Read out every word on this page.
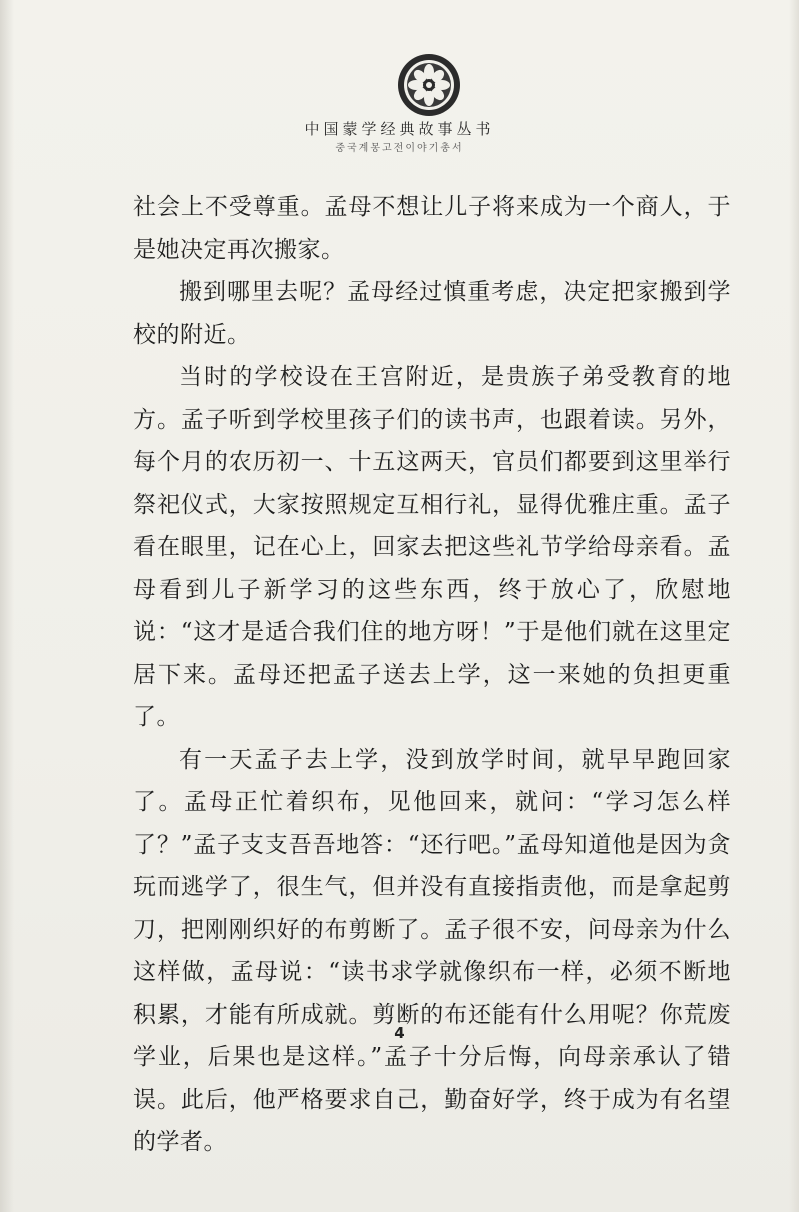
中国蒙学经典故事丛书
중국계몽고전이야기총서

社会上不受尊重。孟母不想让儿子将来成为一个商人，于是她决定再次搬家。

搬到哪里去呢？孟母经过慎重考虑，决定把家搬到学校的附近。

当时的学校设在王宫附近，是贵族子弟受教育的地方。孟子听到学校里孩子们的读书声，也跟着读。另外，每个月的农历初一、十五这两天，官员们都要到这里举行祭祀仪式，大家按照规定互相行礼，显得优雅庄重。孟子看在眼里，记在心上，回家去把这些礼节学给母亲看。孟母看到儿子新学习的这些东西，终于放心了，欣慰地说：“这才是适合我们住的地方呀！”于是他们就在这里定居下来。孟母还把孟子送去上学，这一来她的负担更重了。

有一天孟子去上学，没到放学时间，就早早跑回家了。孟母正忙着织布，见他回来，就问：“学习怎么样了？”孟子支支吾吾地答：“还行吧。”孟母知道他是因为贪玩而逃学了，很生气，但并没有直接指责他，而是拿起剪刀，把刚刚织好的布剪断了。孟子很不安，问母亲为什么这样做，孟母说：“读书求学就像织布一样，必须不断地积累，才能有所成就。剪断的布还能有什么用呢？你荒废学业，后果也是这样。”孟子十分后悔，向母亲承认了错误。此后，他严格要求自己，勤奋好学，终于成为有名望的学者。

4
